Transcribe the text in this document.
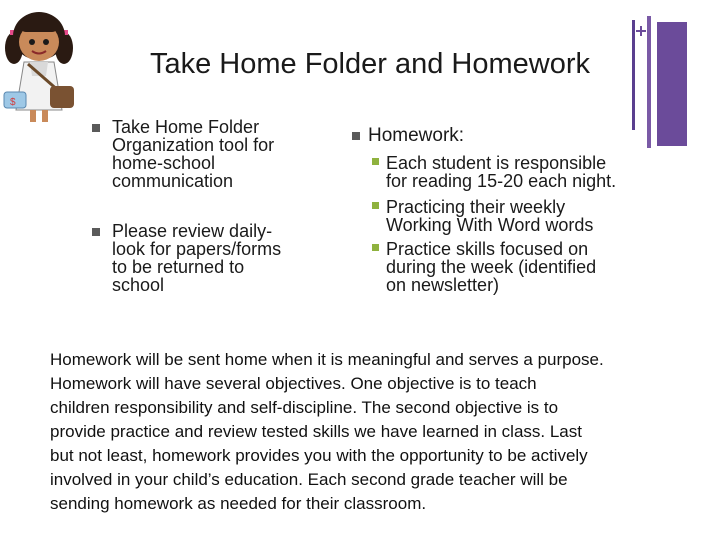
$
Take Home Folder and Homework
Take Home Folder
Organization tool for
home-school
communication
Please review daily-
look for papers/forms
to be returned to
school
Homework:
Each student is responsible
for reading 15-20 each night.
Practicing their weekly
Working With Word words
Practice skills focused on
during the week (identified
on newsletter)
Homework will be sent home when it is meaningful and serves a purpose.
Homework will have several objectives. One objective is to teach
children responsibility and self-discipline. The second objective is to
provide practice and review tested skills we have learned in class. Last
but not least, homework provides you with the opportunity to be actively
involved in your child’s education. Each second grade teacher will be
sending homework as needed for their classroom.
